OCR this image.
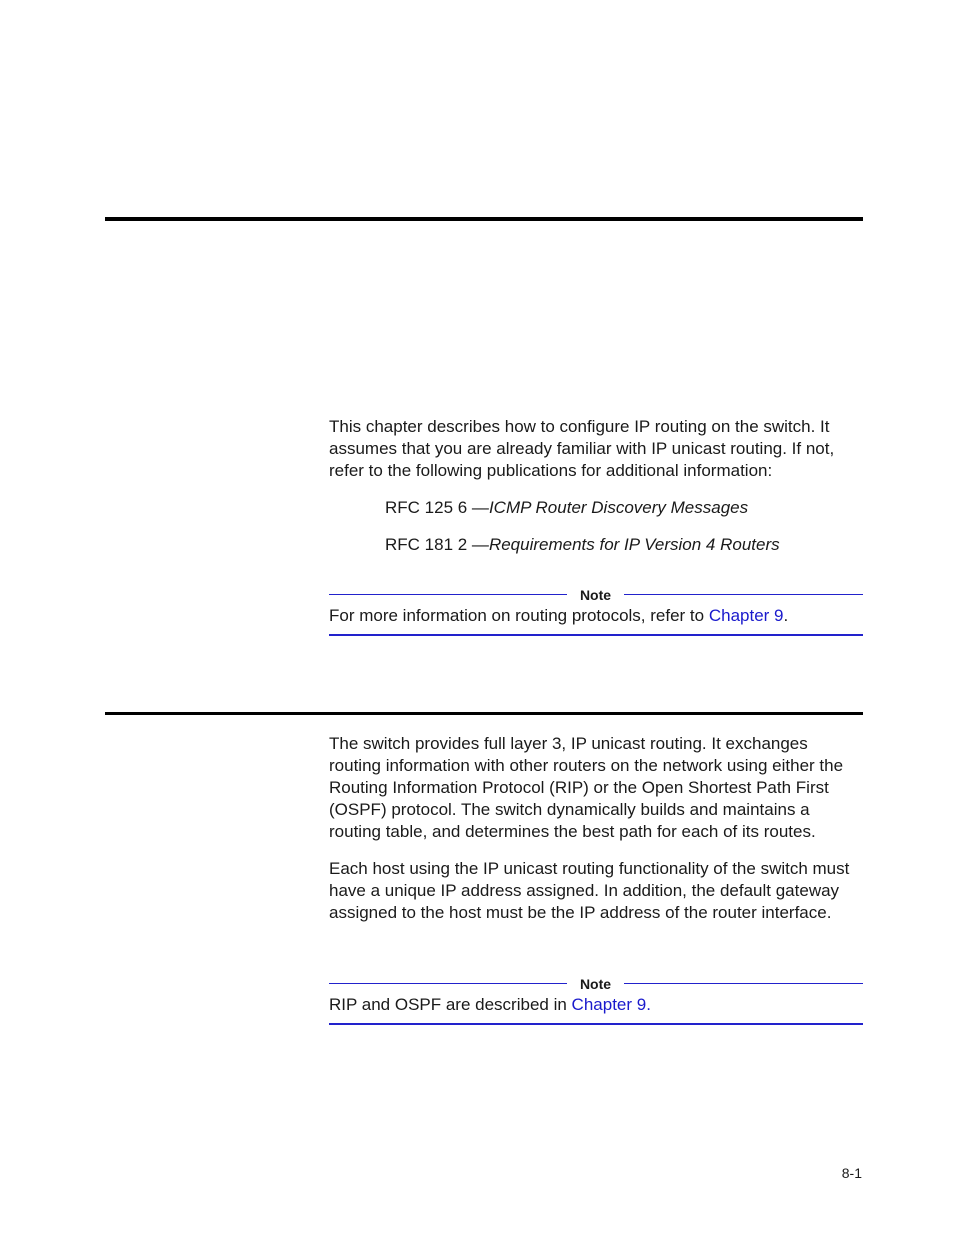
This chapter describes how to configure IP routing on the switch. It assumes that you are already familiar with IP unicast routing. If not, refer to the following publications for additional information:

RFC 125 6 —ICMP Router Discovery Messages
RFC 181 2 —Requirements for IP Version 4 Routers
Note
For more information on routing protocols, refer to Chapter 9.

The switch provides full layer 3, IP unicast routing. It exchanges routing information with other routers on the network using either the Routing Information Protocol (RIP) or the Open Shortest Path First (OSPF) protocol. The switch dynamically builds and maintains a routing table, and determines the best path for each of its routes.

Each host using the IP unicast routing functionality of the switch must have a unique IP address assigned. In addition, the default gateway assigned to the host must be the IP address of the router interface.

Note
RIP and OSPF are described in Chapter 9.
8-1
